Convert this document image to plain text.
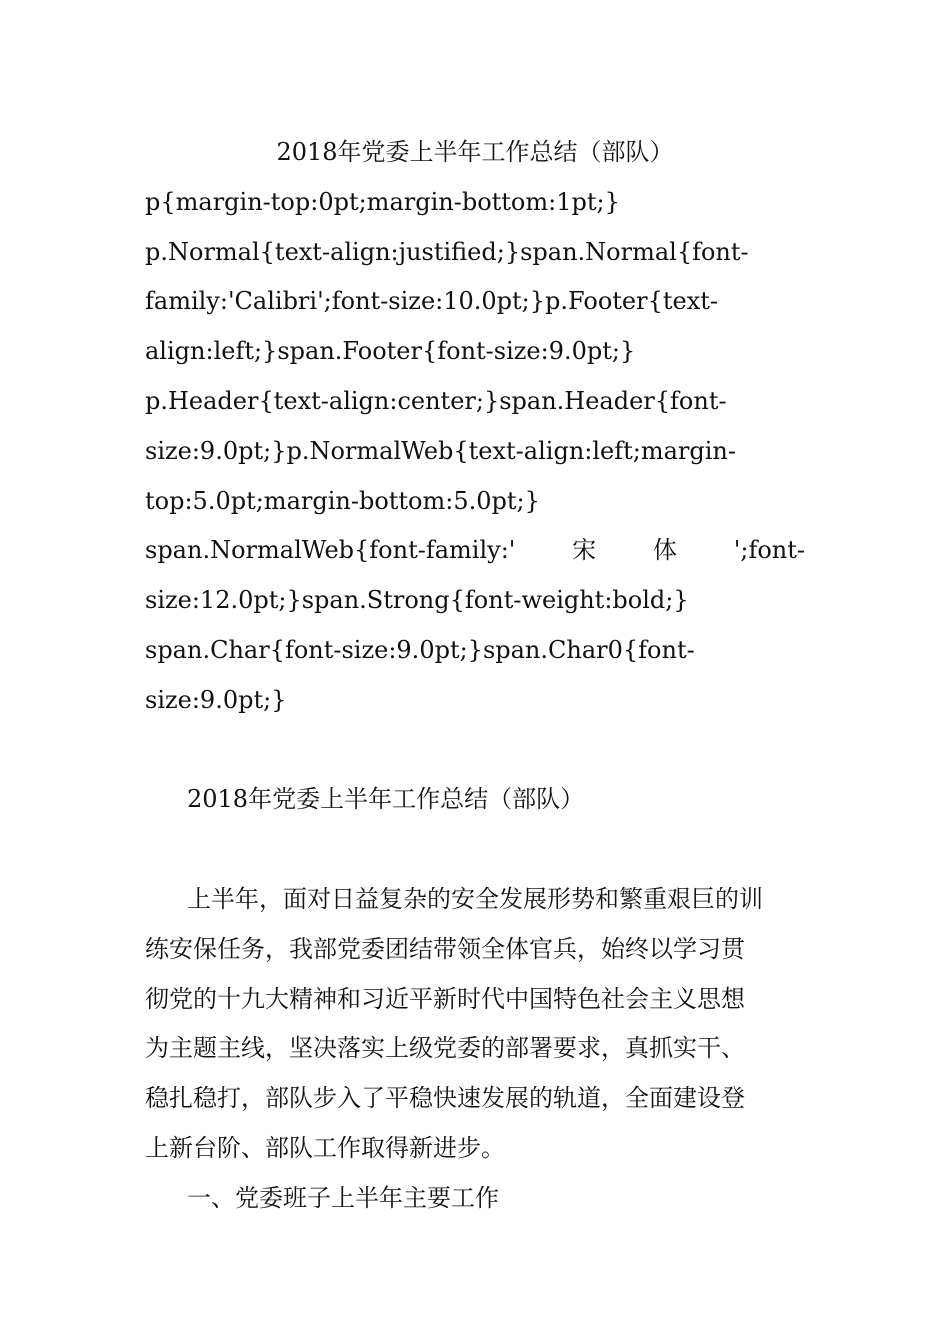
2018年党委上半年工作总结（部队）

p{margin-top:0pt;margin-bottom:1pt;}

p.Normal{text-align:justified;}span.Normal{font-

family:'Calibri';font-size:10.0pt;}p.Footer{text-

align:left;}span.Footer{font-size:9.0pt;}

p.Header{text-align:center;}span.Header{font-

size:9.0pt;}p.NormalWeb{text-align:left;margin-

top:5.0pt;margin-bottom:5.0pt;}

span.NormalWeb{font-family:' 宋 体 ';font-

size:12.0pt;}span.Strong{font-weight:bold;}

span.Char{font-size:9.0pt;}span.Char0{font-

size:9.0pt;}

2018年党委上半年工作总结（部队）

上半年，面对日益复杂的安全发展形势和繁重艰巨的训

练安保任务，我部党委团结带领全体官兵，始终以学习贯

彻党的十九大精神和习近平新时代中国特色社会主义思想

为主题主线，坚决落实上级党委的部署要求，真抓实干、

稳扎稳打，部队步入了平稳快速发展的轨道，全面建设登

上新台阶、部队工作取得新进步。

一、党委班子上半年主要工作
